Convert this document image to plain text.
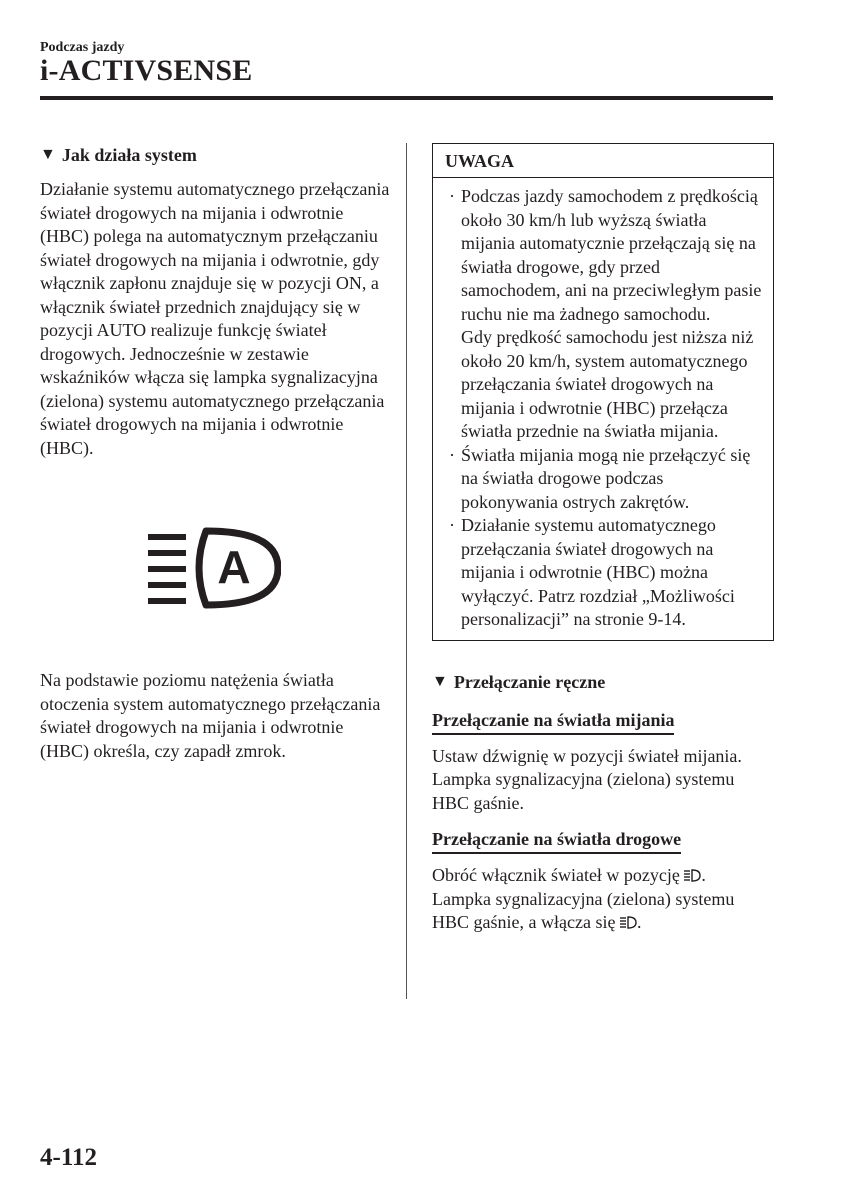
Podczas jazdy
i-ACTIVSENSE
▼ Jak działa system

Działanie systemu automatycznego przełączania świateł drogowych na mijania i odwrotnie (HBC) polega na automatycznym przełączaniu świateł drogowych na mijania i odwrotnie, gdy włącznik zapłonu znajduje się w pozycji ON, a włącznik świateł przednich znajdujący się w pozycji AUTO realizuje funkcję świateł drogowych. Jednocześnie w zestawie wskaźników włącza się lampka sygnalizacyjna (zielona) systemu automatycznego przełączania świateł drogowych na mijania i odwrotnie (HBC).

A

Na podstawie poziomu natężenia światła otoczenia system automatycznego przełączania świateł drogowych na mijania i odwrotnie (HBC) określa, czy zapadł zmrok.

UWAGA
· Podczas jazdy samochodem z prędkością około 30 km/h lub wyższą światła mijania automatycznie przełączają się na światła drogowe, gdy przed samochodem, ani na przeciwległym pasie ruchu nie ma żadnego samochodu.
Gdy prędkość samochodu jest niższa niż około 20 km/h, system automatycznego przełączania świateł drogowych na mijania i odwrotnie (HBC) przełącza światła przednie na światła mijania.
· Światła mijania mogą nie przełączyć się na światła drogowe podczas pokonywania ostrych zakrętów.
· Działanie systemu automatycznego przełączania świateł drogowych na mijania i odwrotnie (HBC) można wyłączyć. Patrz rozdział „Możliwości personalizacji” na stronie 9-14.
▼ Przełączanie ręczne
Przełączanie na światła mijania

Ustaw dźwignię w pozycji świateł mijania. Lampka sygnalizacyjna (zielona) systemu HBC gaśnie.

Przełączanie na światła drogowe

Obróć włącznik świateł w pozycję .
Lampka sygnalizacyjna (zielona) systemu HBC gaśnie, a włącza się .

4-112
